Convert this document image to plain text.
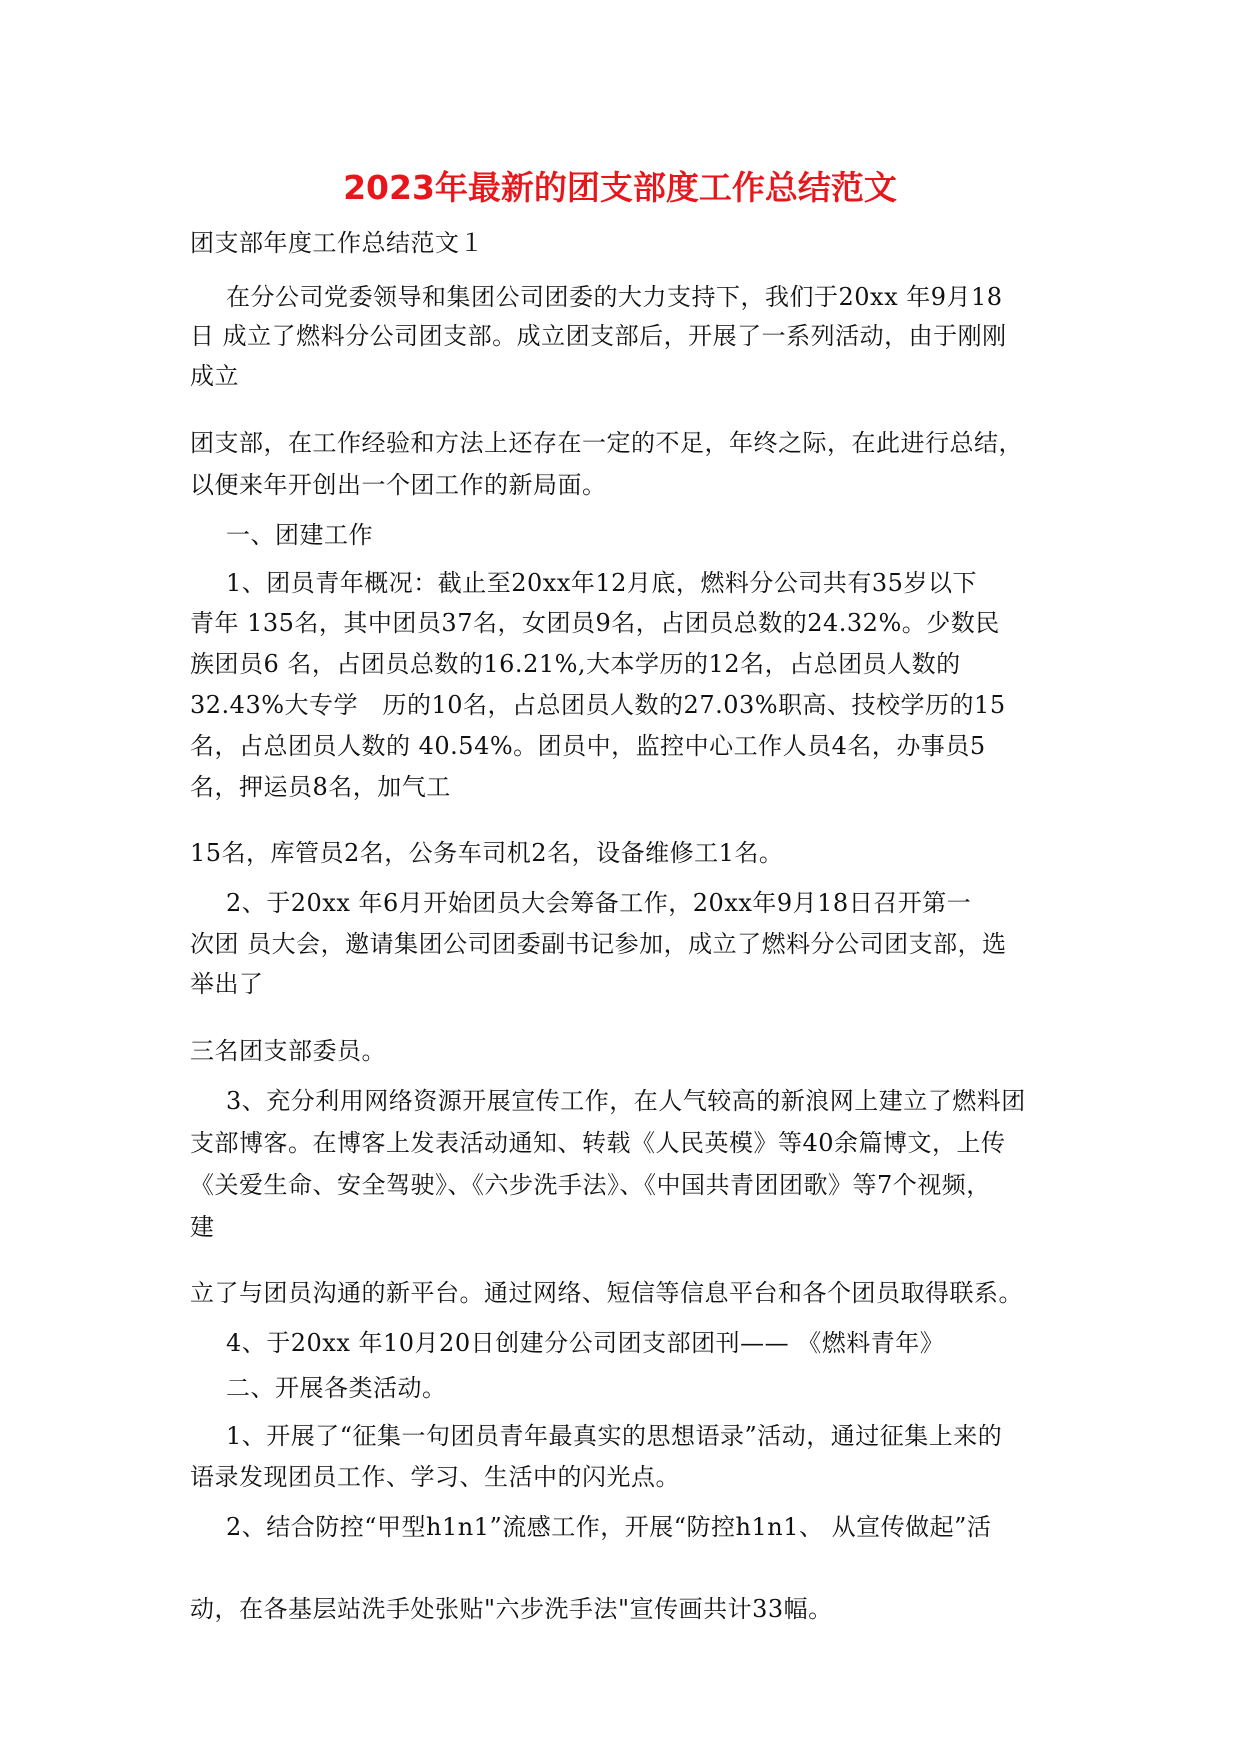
2023年最新的团支部度工作总结范文

团支部年度工作总结范文１

在分公司党委领导和集团公司团委的大力支持下，我们于20xx 年9月18

日 成立了燃料分公司团支部。成立团支部后，开展了一系列活动，由于刚刚

成立

团支部，在工作经验和方法上还存在一定的不足，年终之际，在此进行总结，

以便来年开创出一个团工作的新局面。

一、团建工作

1、团员青年概况：截止至20xx年12月底，燃料分公司共有35岁以下

青年 135名，其中团员37名，女团员9名，占团员总数的24.32%。少数民

族团员6 名，占团员总数的16.21%,大本学历的12名，占总团员人数的

32.43%大专学　历的10名，占总团员人数的27.03%职高、技校学历的15

名，占总团员人数的 40.54%。团员中，监控中心工作人员4名，办事员5

名，押运员8名，加气工

15名，库管员2名，公务车司机2名，设备维修工1名。

2、于20xx 年6月开始团员大会筹备工作，20xx年9月18日召开第一

次团 员大会，邀请集团公司团委副书记参加，成立了燃料分公司团支部，选

举出了

三名团支部委员。

3、充分利用网络资源开展宣传工作，在人气较高的新浪网上建立了燃料团

支部博客。在博客上发表活动通知、转载《人民英模》等40余篇博文，上传

《关爱生命、安全驾驶》、《六步洗手法》、《中国共青团团歌》等7个视频，

建

立了与团员沟通的新平台。通过网络、短信等信息平台和各个团员取得联系。

4、于20xx 年10月20日创建分公司团支部团刊—— 《燃料青年》

二、开展各类活动。

1、开展了“征集一句团员青年最真实的思想语录”活动，通过征集上来的

语录发现团员工作、学习、生活中的闪光点。

2、结合防控“甲型h1n1”流感工作，开展“防控h1n1、 从宣传做起”活

动，在各基层站洗手处张贴"六步洗手法"宣传画共计33幅。
